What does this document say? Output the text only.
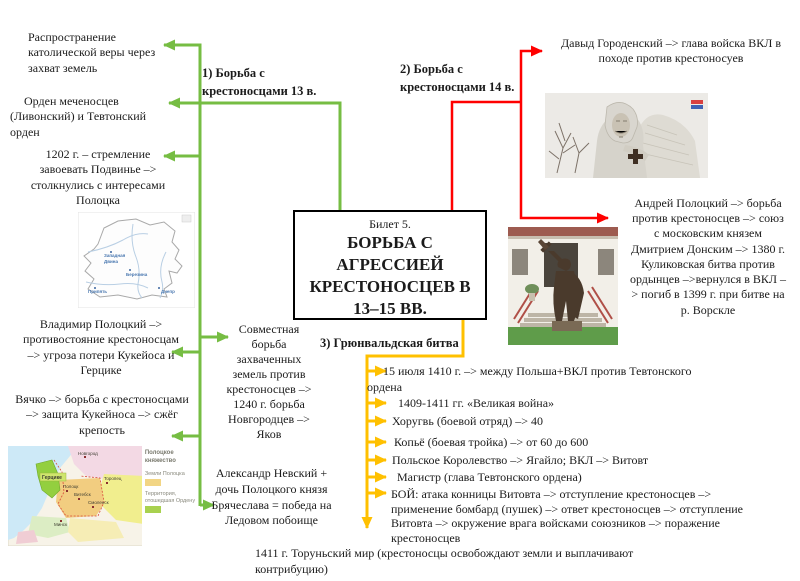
Билет 5.
БОРЬБА С АГРЕССИЕЙ КРЕСТОНОСЦЕВ В 13–15 ВВ.
1) Борьба с крестоносцами 13 в.
2) Борьба с крестоносцами 14 в.
3) Грюнвальдская битва
Распространение католической веры через захват земель
Орден меченосцев (Ливонский) и Тевтонский орден
1202 г. – стремление завоевать Подвинье –> столкнулись с интересами Полоцка
Владимир Полоцкий –> противостояние крестоносцам –> угроза потери Кукейоса и Герцике
Вячко –> борьба с крестоносцами –> защита Кукейноса –> сжёг крепость
Совместная борьба захваченных земель против крестоносцев –> 1240 г. борьба Новгородцев –> Яков
Александр Невский + дочь Полоцкого князя Брячеслава = победа на Ледовом побоище
Давыд Городенский –> глава войска ВКЛ в походе против крестоносуев
Андрей Полоцкий –> борьба против крестоносцев –> союз с московским князем Дмитрием Донским –> 1380 г. Куликовская битва против ордынцев –>вернулся в ВКЛ –> погиб в 1399 г. при битве на р. Ворскле
15 июля 1410 г. –> между Польша+ВКЛ против Тевтонского ордена
1409-1411 гг. «Великая война»
Хоругвь (боевой отряд) –> 40
Копьё (боевая тройка) –> от 60 до 600
Польское Королевство –> Ягайло; ВКЛ –> Витовт
Магистр (глава Тевтонского ордена)
БОЙ: атака конницы Витовта –> отступление крестоносцев –> применение бомбард (пушек) –> ответ крестоносцев –> отступление Витовта –> окружение врага войсками союзников –> поражение крестоносцев
1411 г. Торуньский мир (крестоносцы освобождают земли и выплачивают контрибуцию)
Западная
Двина
Березина
Припять	Днепр
Новгород
Герцике
Полоцк
Витебск
Торопец
Смоленск
Минск
Полоцкое княжество
Земли Полоцка
Территория, отошедшая Ордену
